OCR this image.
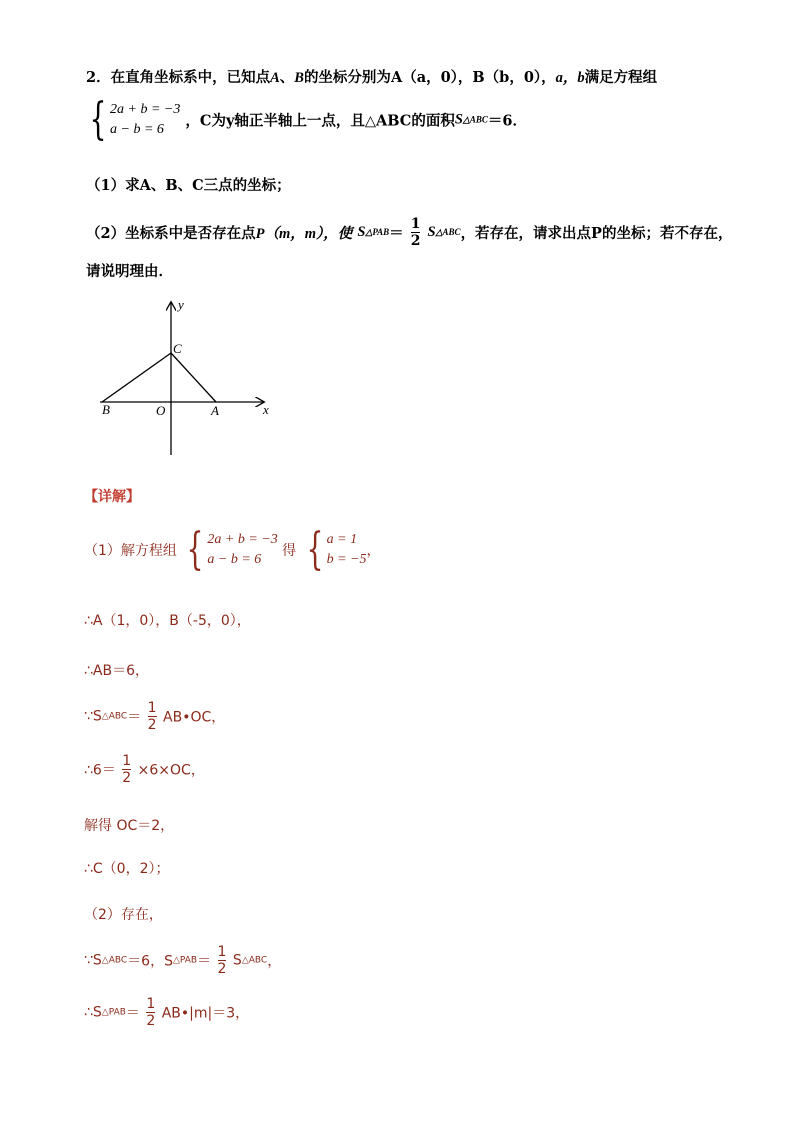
2．在直角坐标系中，已知点A、B的坐标分别为A（a，0），B（b，0），a，b满足方程组
{ 2a + b = −3
a − b = 6	，C为y轴正半轴上一点，且△ABC的面积S△ABC＝6．
（1）求A、B、C三点的坐标；
（2）坐标系中是否存在点P（m，m），使 S△PAB＝ $\frac{1}{2}$ S△ABC，若存在，请求出点P的坐标；若不存在，
请说明理由．
y
x
C
B	O	A
【详解】
（1）解方程组 { 2a + b = −3
a − b = 6
得 { a = 1
b = −5
，
∴A（1，0），B（-5，0），
∴AB＝6，
∵S△ABC＝ $\frac{1}{2}$ AB•OC，
∴6＝ $\frac{1}{2} \times 6\times OC$，
解得 OC＝2，
∴C（0，2）；
（2）存在，
∵S△ABC＝6，S△PAB＝ $\frac{1}{2}$ S△ABC，
∴S△PAB＝ $\frac{1}{2}$ AB•|m|＝3，
